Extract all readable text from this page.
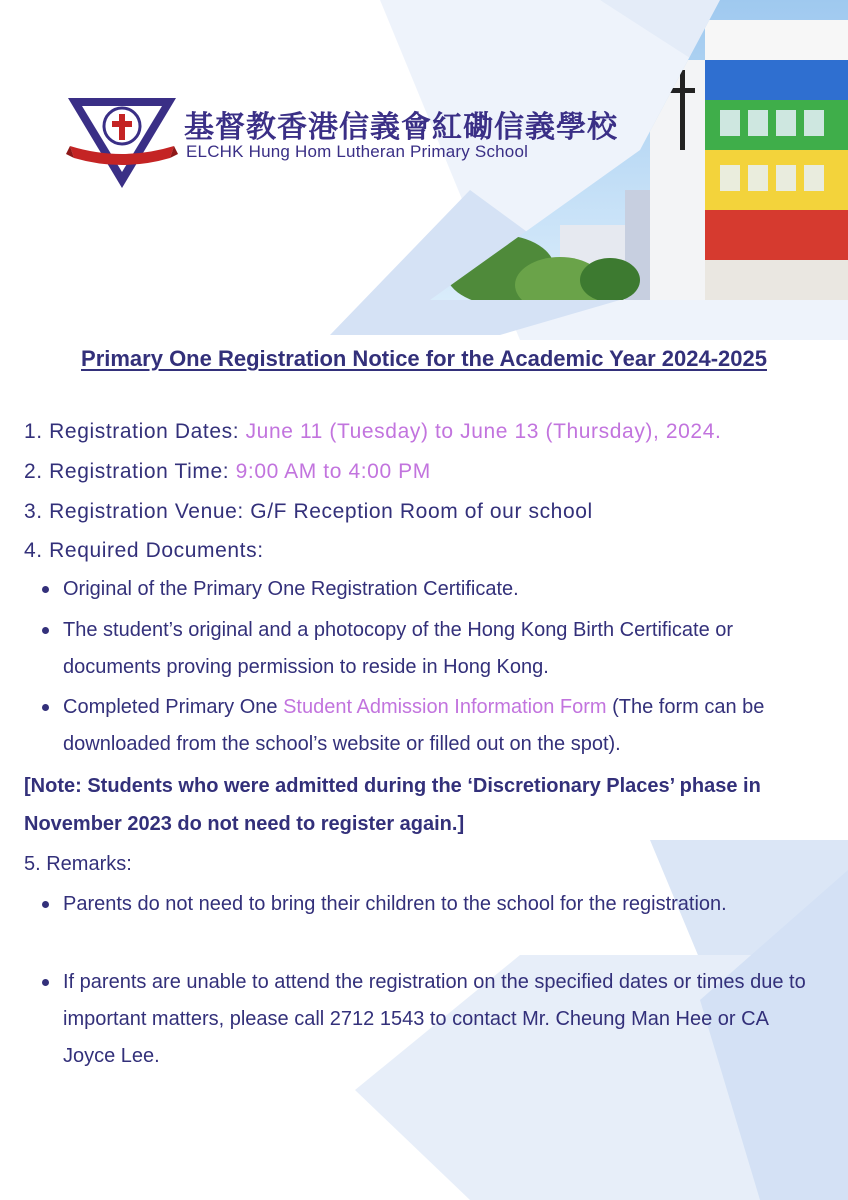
基督教香港信義會紅磡信義學校
ELCHK Hung Hom Lutheran Primary School
Primary One Registration Notice for the Academic Year 2024-2025
1. Registration Dates: June 11 (Tuesday) to June 13 (Thursday), 2024.
2. Registration Time: 9:00 AM to 4:00 PM
3. Registration Venue: G/F Reception Room of our school
4. Required Documents:
Original of the Primary One Registration Certificate.
The student’s original and a photocopy of the Hong Kong Birth Certificate or documents proving permission to reside in Hong Kong.
Completed Primary One Student Admission Information Form (The form can be downloaded from the school’s website or filled out on the spot).
[Note: Students who were admitted during the ‘Discretionary Places’ phase in November 2023 do not need to register again.]
5. Remarks:
Parents do not need to bring their children to the school for the registration.
If parents are unable to attend the registration on the specified dates or times due to important matters, please call 2712 1543 to contact Mr. Cheung Man Hee or CA Joyce Lee.
